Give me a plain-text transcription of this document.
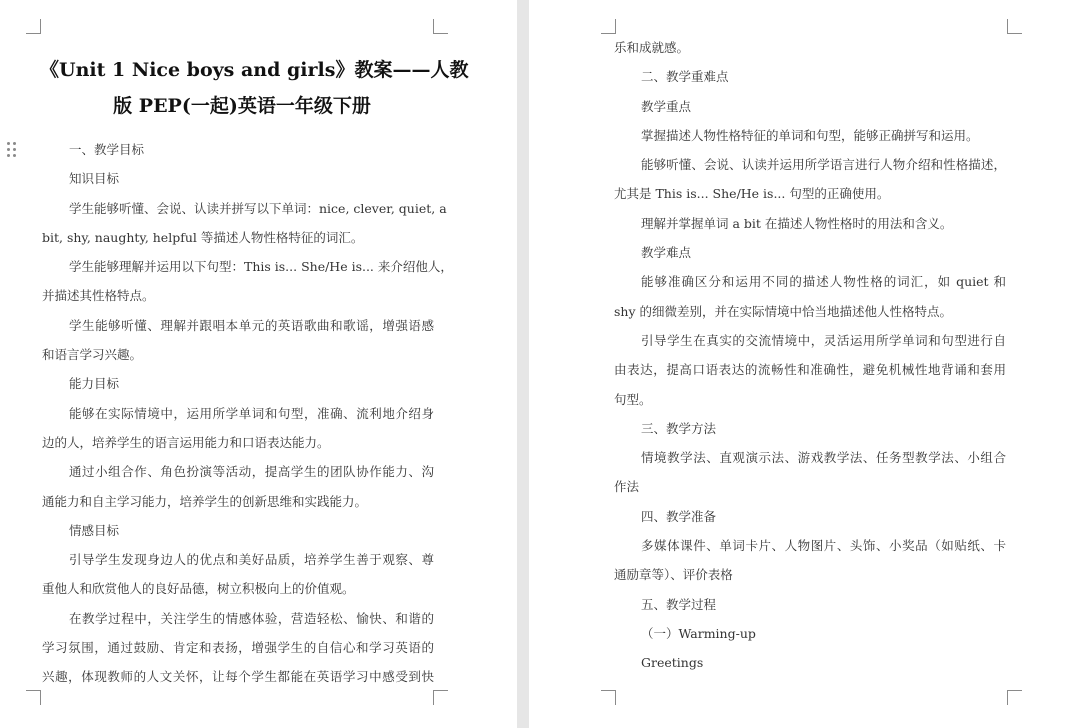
《Unit 1 Nice boys and girls》教案——人教
版 PEP(一起)英语一年级下册
一、教学目标
知识目标
学生能够听懂、会说、认读并拼写以下单词：nice, clever, quiet, a
bit, shy, naughty, helpful 等描述人物性格特征的词汇。
学生能够理解并运用以下句型：This is... She/He is... 来介绍他人，
并描述其性格特点。
学生能够听懂、理解并跟唱本单元的英语歌曲和歌谣，增强语感
和语言学习兴趣。
能力目标
能够在实际情境中，运用所学单词和句型，准确、流利地介绍身
边的人，培养学生的语言运用能力和口语表达能力。
通过小组合作、角色扮演等活动，提高学生的团队协作能力、沟
通能力和自主学习能力，培养学生的创新思维和实践能力。
情感目标
引导学生发现身边人的优点和美好品质，培养学生善于观察、尊
重他人和欣赏他人的良好品德，树立积极向上的价值观。
在教学过程中，关注学生的情感体验，营造轻松、愉快、和谐的
学习氛围，通过鼓励、肯定和表扬，增强学生的自信心和学习英语的
兴趣，体现教师的人文关怀，让每个学生都能在英语学习中感受到快
乐和成就感。
二、教学重难点
教学重点
掌握描述人物性格特征的单词和句型，能够正确拼写和运用。
能够听懂、会说、认读并运用所学语言进行人物介绍和性格描述，
尤其是 This is... She/He is... 句型的正确使用。
理解并掌握单词 a bit 在描述人物性格时的用法和含义。
教学难点
能够准确区分和运用不同的描述人物性格的词汇，如 quiet 和
shy 的细微差别，并在实际情境中恰当地描述他人性格特点。
引导学生在真实的交流情境中，灵活运用所学单词和句型进行自
由表达，提高口语表达的流畅性和准确性，避免机械性地背诵和套用
句型。
三、教学方法
情境教学法、直观演示法、游戏教学法、任务型教学法、小组合
作法
四、教学准备
多媒体课件、单词卡片、人物图片、头饰、小奖品（如贴纸、卡
通励章等）、评价表格
五、教学过程
（一）Warming-up
Greetings
